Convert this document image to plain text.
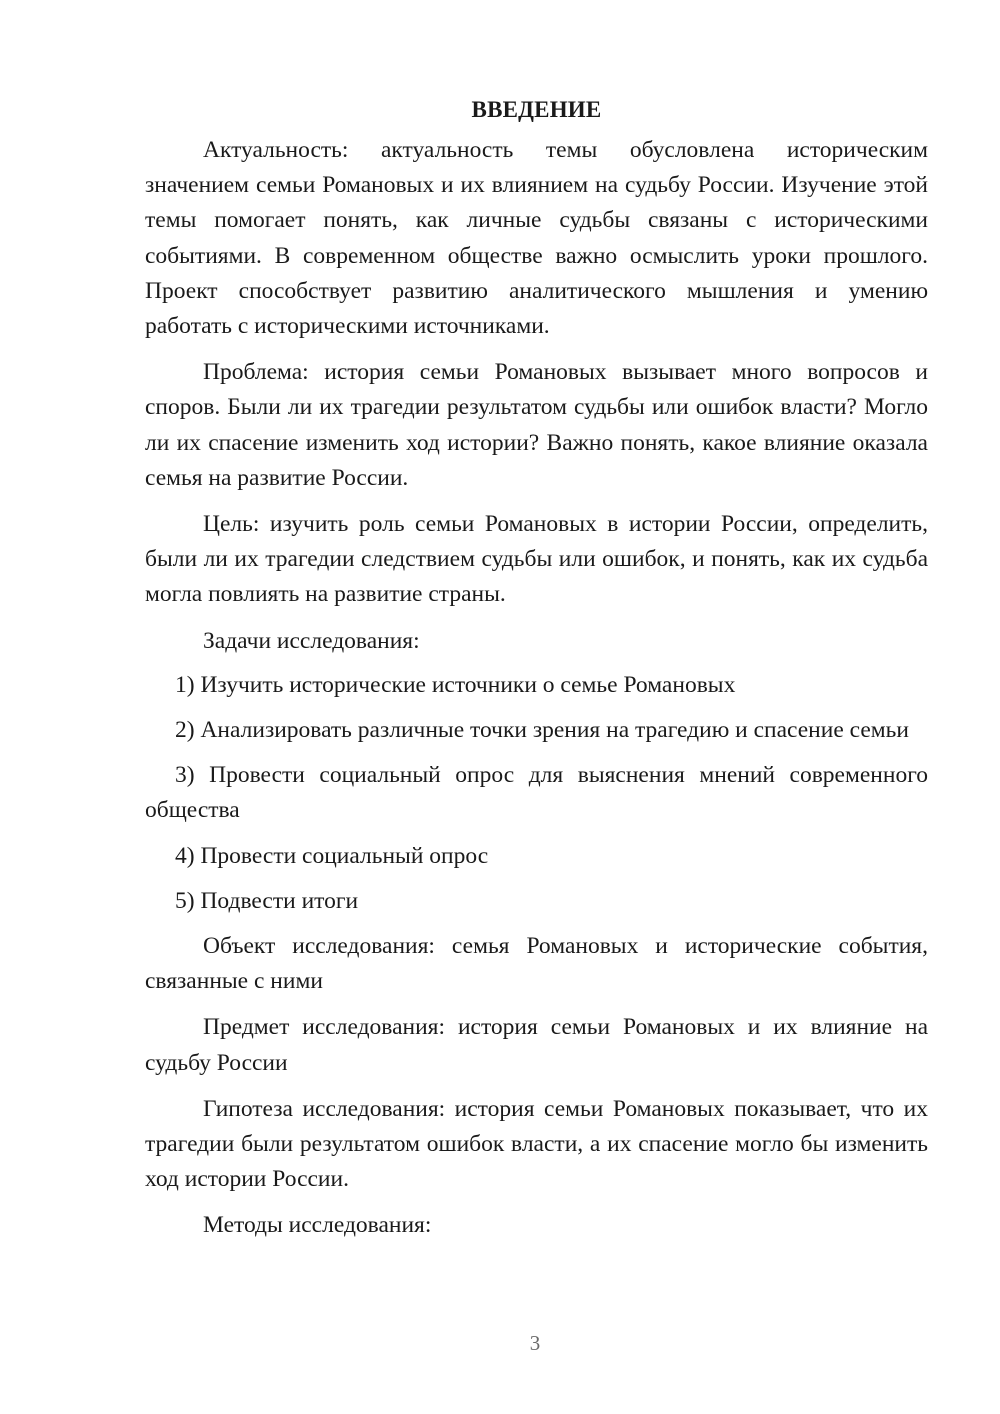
ВВЕДЕНИЕ

Актуальность: актуальность темы обусловлена историческим значением семьи Романовых и их влиянием на судьбу России. Изучение этой темы помогает понять, как личные судьбы связаны с историческими событиями. В современном обществе важно осмыслить уроки прошлого. Проект способствует развитию аналитического мышления и умению работать с историческими источниками.

Проблема: история семьи Романовых вызывает много вопросов и споров. Были ли их трагедии результатом судьбы или ошибок власти? Могло ли их спасение изменить ход истории? Важно понять, какое влияние оказала семья на развитие России.

Цель: изучить роль семьи Романовых в истории России, определить, были ли их трагедии следствием судьбы или ошибок, и понять, как их судьба могла повлиять на развитие страны.

Задачи исследования:

1) Изучить исторические источники о семье Романовых

2) Анализировать различные точки зрения на трагедию и спасение семьи

3) Провести социальный опрос для выяснения мнений современного общества

4) Провести социальный опрос

5) Подвести итоги

Объект исследования: семья Романовых и исторические события, связанные с ними

Предмет исследования: история семьи Романовых и их влияние на судьбу России

Гипотеза исследования: история семьи Романовых показывает, что их трагедии были результатом ошибок власти, а их спасение могло бы изменить ход истории России.

Методы исследования:

3
